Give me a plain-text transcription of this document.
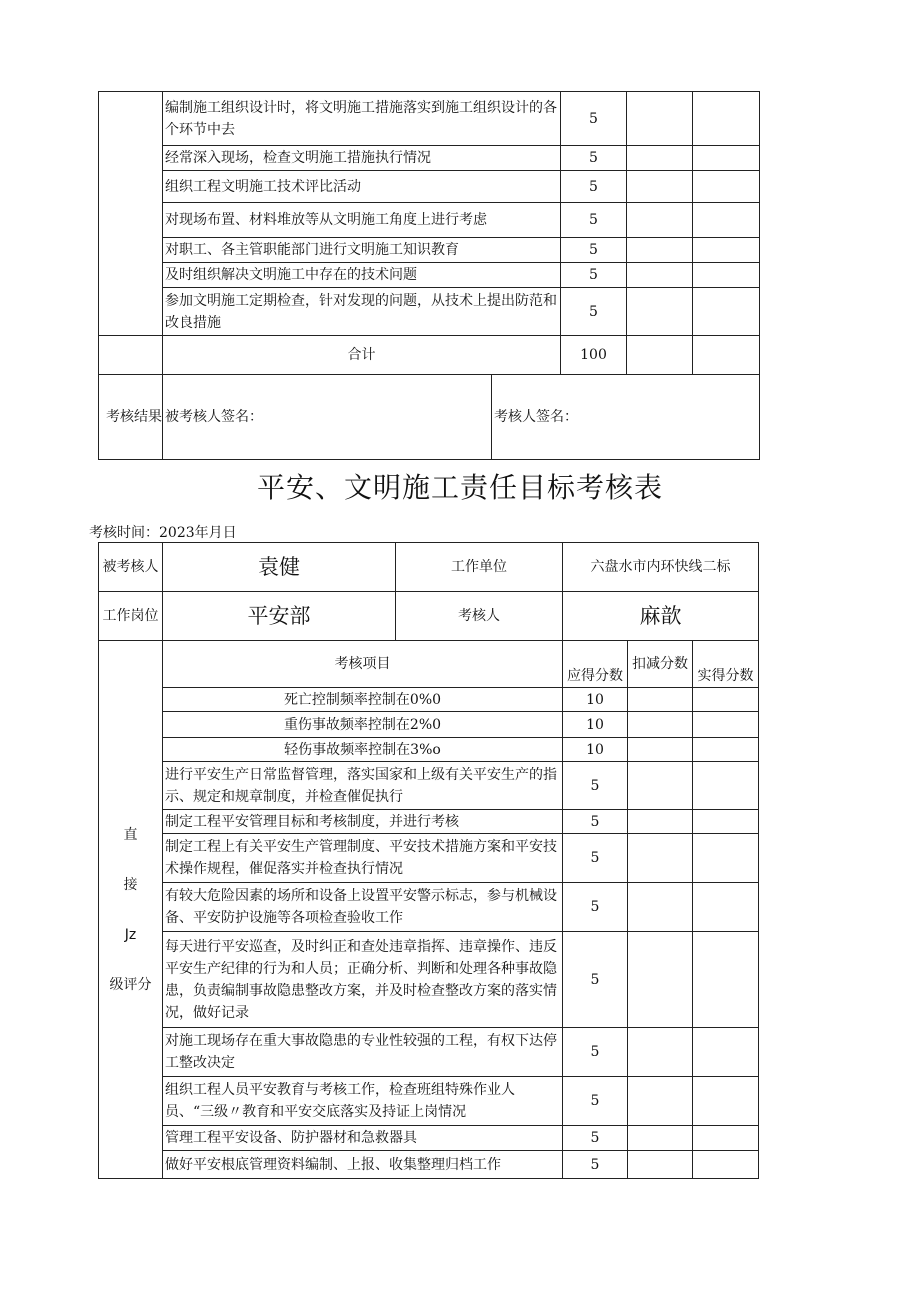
	编制施工组织设计时，将文明施工措施落实到施工组织设计的各个环节中去		5		
	经常深入现场，检查文明施工措施执行情况		5		
	组织工程文明施工技术评比活动		5		
	对现场布置、材料堆放等从文明施工角度上进行考虑		5		
	对职工、各主管职能部门进行文明施工知识教育		5		
	及时组织解决文明施工中存在的技术问题		5		
	参加文明施工定期检查，针对发现的问题，从技术上提出防范和改良措施		5		
	合计		100		
考核结果	被考核人签名：	考核人签名：			
平安、文明施工责任目标考核表
考核时间：2023年月日
被考核人	袁健	工作单位	六盘水市内环快线二标		
工作岗位	平安部	考核人	麻歆		

直
接
Jz
级评分	考核项目		应得分数	扣减分数	实得分数
	死亡控制频率控制在0%0		10		
	重伤事故频率控制在2%0		10		
	轻伤事故频率控制在3%o		10		
	进行平安生产日常监督管理，落实国家和上级有关平安生产的指示、规定和规章制度，并检查催促执行		5		
	制定工程平安管理目标和考核制度，并进行考核		5		
	制定工程上有关平安生产管理制度、平安技术措施方案和平安技术操作规程，催促落实并检查执行情况		5		
	有较大危险因素的场所和设备上设置平安警示标志，参与机械设备、平安防护设施等各项检查验收工作		5		
	每天进行平安巡查，及时纠正和查处违章指挥、违章操作、违反平安生产纪律的行为和人员；正确分析、判断和处理各种事故隐患，负责编制事故隐患整改方案，并及时检查整改方案的落实情况，做好记录		5		
	对施工现场存在重大事故隐患的专业性较强的工程，有权下达停工整改决定		5		
	组织工程人员平安教育与考核工作，检查班组特殊作业人员、“三级〃教育和平安交底落实及持证上岗情况		5		
	管理工程平安设备、防护器材和急救器具		5		
	做好平安根底管理资料编制、上报、收集整理归档工作		5		
